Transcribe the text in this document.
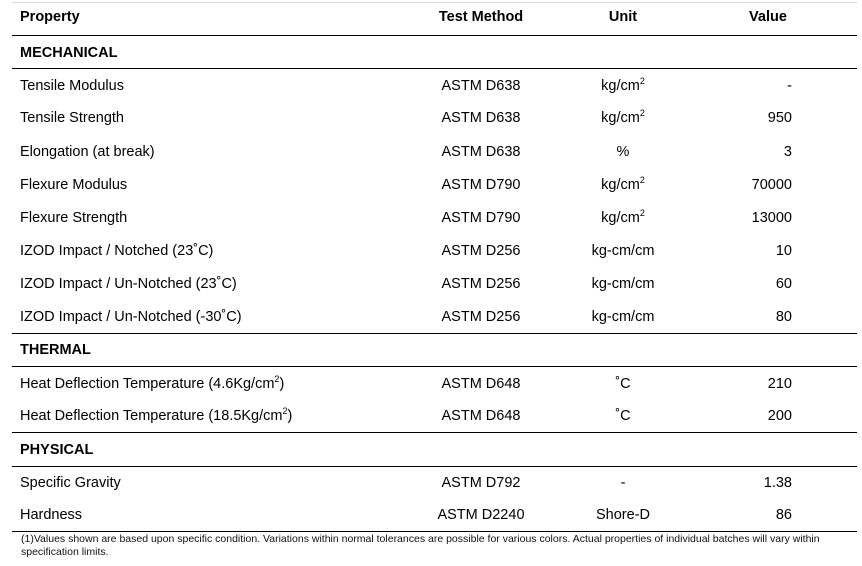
Property	Test Method	Unit	Value
MECHANICAL
Tensile Modulus	ASTM D638	$kg/cm^2$	-
Tensile Strength	ASTM D638	$kg/cm^2$	950
Elongation (at break)	ASTM D638	%	3
Flexure Modulus	ASTM D790	$kg/cm^2$	70000
Flexure Strength	ASTM D790	$kg/cm^2$	13000
IZOD Impact / Notched (23˚C)	ASTM D256	kg-cm/cm	10
IZOD Impact / Un-Notched (23˚C)	ASTM D256	kg-cm/cm	60
IZOD Impact / Un-Notched (-30˚C)	ASTM D256	kg-cm/cm	80
THERMAL
Heat Deflection Temperature $(4.6Kg/cm^2)$	ASTM D648	˚C	210
Heat Deflection Temperature $(18.5Kg/cm^2)$	ASTM D648	˚C	200
PHYSICAL
Specific Gravity	ASTM D792	-	1.38
Hardness	ASTM D2240	Shore-D	86
(1)Values shown are based upon specific condition. Variations within normal tolerances are possible for various colors. Actual properties of individual batches will vary within specification limits.
